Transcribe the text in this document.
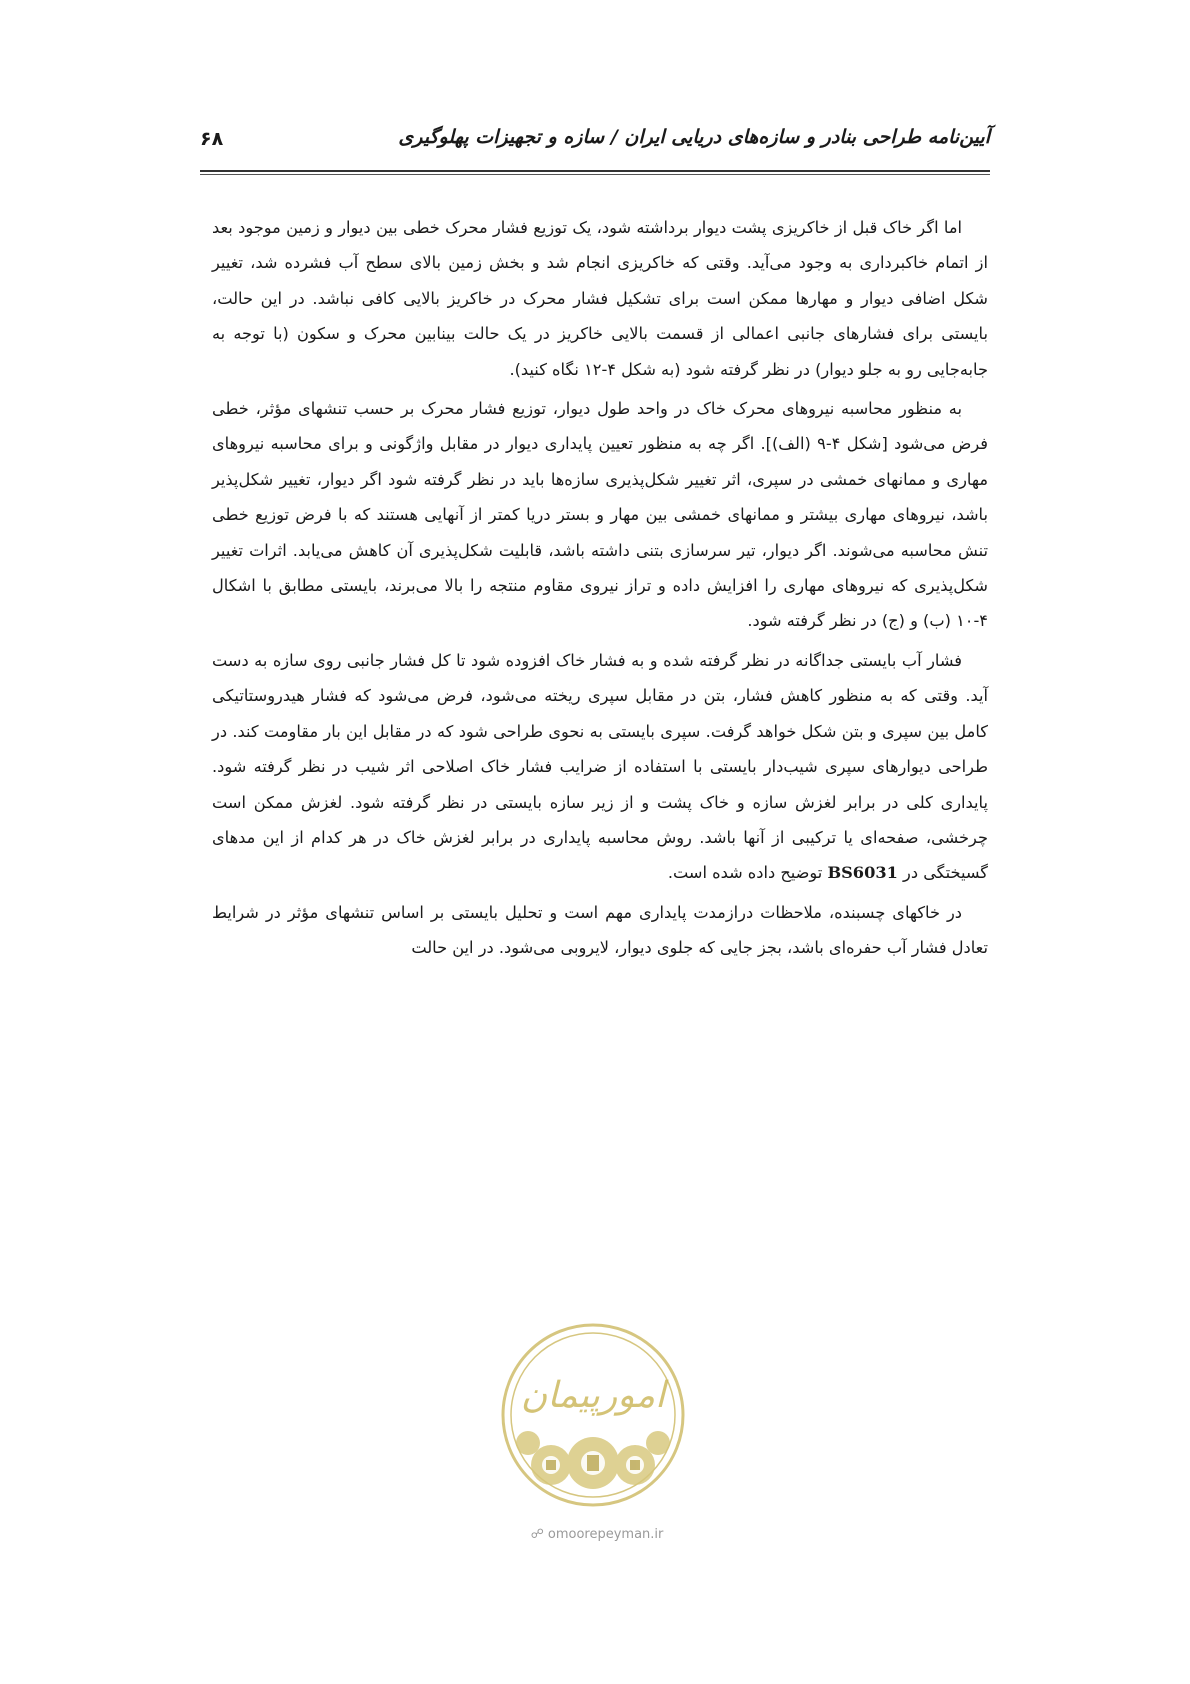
آیین‌نامه طراحی بنادر و سازه‌های دریایی ایران / سازه و تجهیزات پهلوگیری
۶۸

اما اگر خاک قبل از خاکریزی پشت دیوار برداشته شود، یک توزیع فشار محرک خطی بین دیوار و زمین موجود بعد از اتمام خاکبرداری به وجود می‌آید. وقتی که خاکریزی انجام شد و بخش زمین بالای سطح آب فشرده شد، تغییر شکل اضافی دیوار و مهارها ممکن است برای تشکیل فشار محرک در خاکریز بالایی کافی نباشد. در این حالت، بایستی برای فشارهای جانبی اعمالی از قسمت بالایی خاکریز در یک حالت بینابین محرک و سکون (با توجه به جابه‌جایی رو به جلو دیوار) در نظر گرفته شود (به شکل ۴-۱۲ نگاه کنید).

به منظور محاسبه نیروهای محرک خاک در واحد طول دیوار، توزیع فشار محرک بر حسب تنشهای مؤثر، خطی فرض می‌شود [شکل ۴-۹ (الف)]. اگر چه به منظور تعیین پایداری دیوار در مقابل واژگونی و برای محاسبه نیروهای مهاری و ممانهای خمشی در سپری، اثر تغییر شکل‌پذیری سازه‌ها باید در نظر گرفته شود اگر دیوار، تغییر شکل‌پذیر باشد، نیروهای مهاری بیشتر و ممانهای خمشی بین مهار و بستر دریا کمتر از آنهایی هستند که با فرض توزیع خطی تنش محاسبه می‌شوند. اگر دیوار، تیر سرسازی بتنی داشته باشد، قابلیت شکل‌پذیری آن کاهش می‌یابد. اثرات تغییر شکل‌پذیری که نیروهای مهاری را افزایش داده و تراز نیروی مقاوم منتجه را بالا می‌برند، بایستی مطابق با اشکال ۴-۱۰ (ب) و (ج) در نظر گرفته شود.

فشار آب بایستی جداگانه در نظر گرفته شده و به فشار خاک افزوده شود تا کل فشار جانبی روی سازه به دست آید. وقتی که به منظور کاهش فشار، بتن در مقابل سپری ریخته می‌شود، فرض می‌شود که فشار هیدروستاتیکی کامل بین سپری و بتن شکل خواهد گرفت. سپری بایستی به نحوی طراحی شود که در مقابل این بار مقاومت کند. در طراحی دیوارهای سپری شیب‌دار بایستی با استفاده از ضرایب فشار خاک اصلاحی اثر شیب در نظر گرفته شود. پایداری کلی در برابر لغزش سازه و خاک پشت و از زیر سازه بایستی در نظر گرفته شود. لغزش ممکن است چرخشی، صفحه‌ای یا ترکیبی از آنها باشد. روش محاسبه پایداری در برابر لغزش خاک در هر کدام از این مدهای گسیختگی در BS6031 توضیح داده شده است.

در خاکهای چسبنده، ملاحظات درازمدت پایداری مهم است و تحلیل بایستی بر اساس تنشهای مؤثر در شرایط تعادل فشار آب حفره‌ای باشد، بجز جایی که جلوی دیوار، لایروبی می‌شود. در این حالت

امورپیمان
☍ omoorepeyman.ir
